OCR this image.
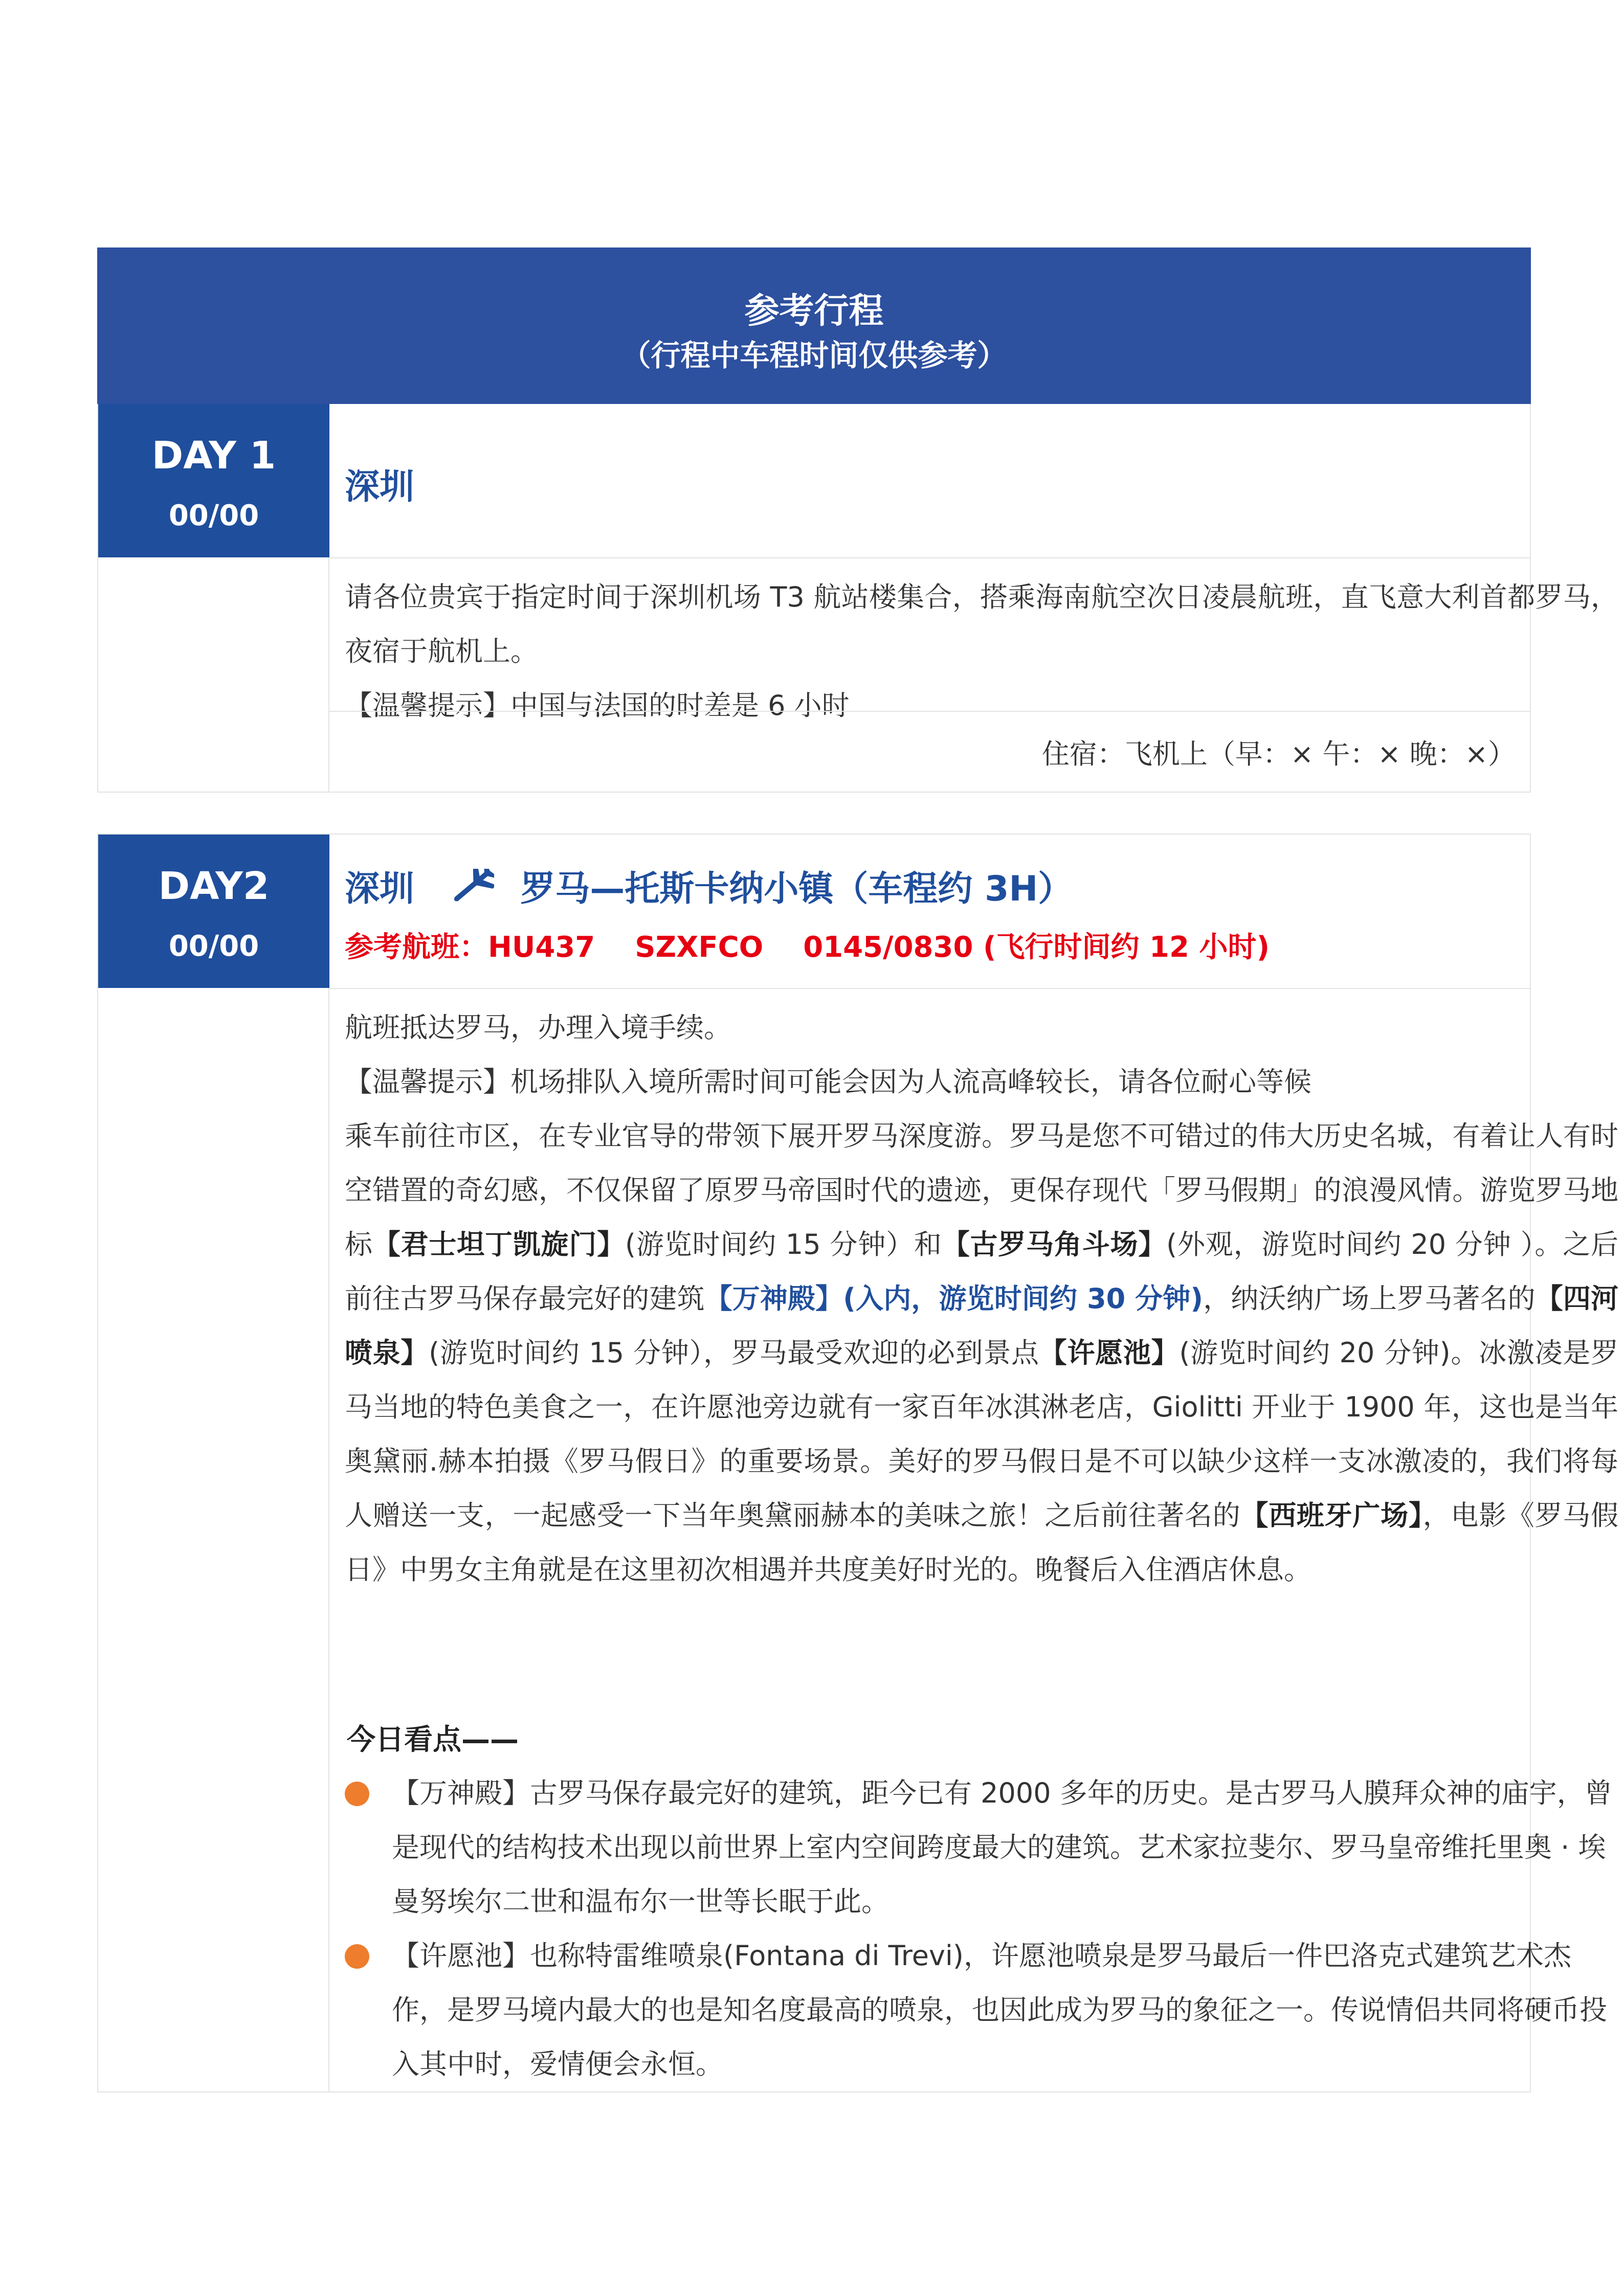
参考行程
（行程中车程时间仅供参考）
DAY 1
00/00
深圳

请各位贵宾于指定时间于深圳机场 T3 航站楼集合，搭乘海南航空次日凌晨航班，直飞意大利首都罗马，夜宿于航机上。

【温馨提示】中国与法国的时差是 6 小时

住宿：飞机上（早：× 午：× 晚：×）
DAY2
00/00
深圳	罗马—托斯卡纳小镇（车程约 3H）
参考航班：HU437    SZXFCO    0145/0830 (飞行时间约 12 小时)

航班抵达罗马，办理入境手续。

【温馨提示】机场排队入境所需时间可能会因为人流高峰较长，请各位耐心等候

乘车前往市区，在专业官导的带领下展开罗马深度游。罗马是您不可错过的伟大历史名城，有着让人有时空错置的奇幻感，不仅保留了原罗马帝国时代的遗迹，更保存现代「罗马假期」的浪漫风情。游览罗马地标【君士坦丁凯旋门】(游览时间约 15 分钟）和【古罗马角斗场】(外观，游览时间约 20 分钟 ）。之后前往古罗马保存最完好的建筑【万神殿】(入内，游览时间约 30 分钟)，纳沃纳广场上罗马著名的【四河喷泉】(游览时间约 15 分钟），罗马最受欢迎的必到景点【许愿池】(游览时间约 20 分钟)。冰激凌是罗马当地的特色美食之一，在许愿池旁边就有一家百年冰淇淋老店，Giolitti 开业于 1900 年，这也是当年奥黛丽.赫本拍摄《罗马假日》的重要场景。美好的罗马假日是不可以缺少这样一支冰激凌的，我们将每人赠送一支，一起感受一下当年奥黛丽赫本的美味之旅！之后前往著名的【西班牙广场】，电影《罗马假日》中男女主角就是在这里初次相遇并共度美好时光的。晚餐后入住酒店休息。

今日看点——
【万神殿】古罗马保存最完好的建筑，距今已有 2000 多年的历史。是古罗马人膜拜众神的庙宇，曾是现代的结构技术出现以前世界上室内空间跨度最大的建筑。艺术家拉斐尔、罗马皇帝维托里奥 · 埃曼努埃尔二世和温布尔一世等长眠于此。
【许愿池】也称特雷维喷泉(Fontana di Trevi)，许愿池喷泉是罗马最后一件巴洛克式建筑艺术杰作，是罗马境内最大的也是知名度最高的喷泉，也因此成为罗马的象征之一。传说情侣共同将硬币投入其中时，爱情便会永恒。
